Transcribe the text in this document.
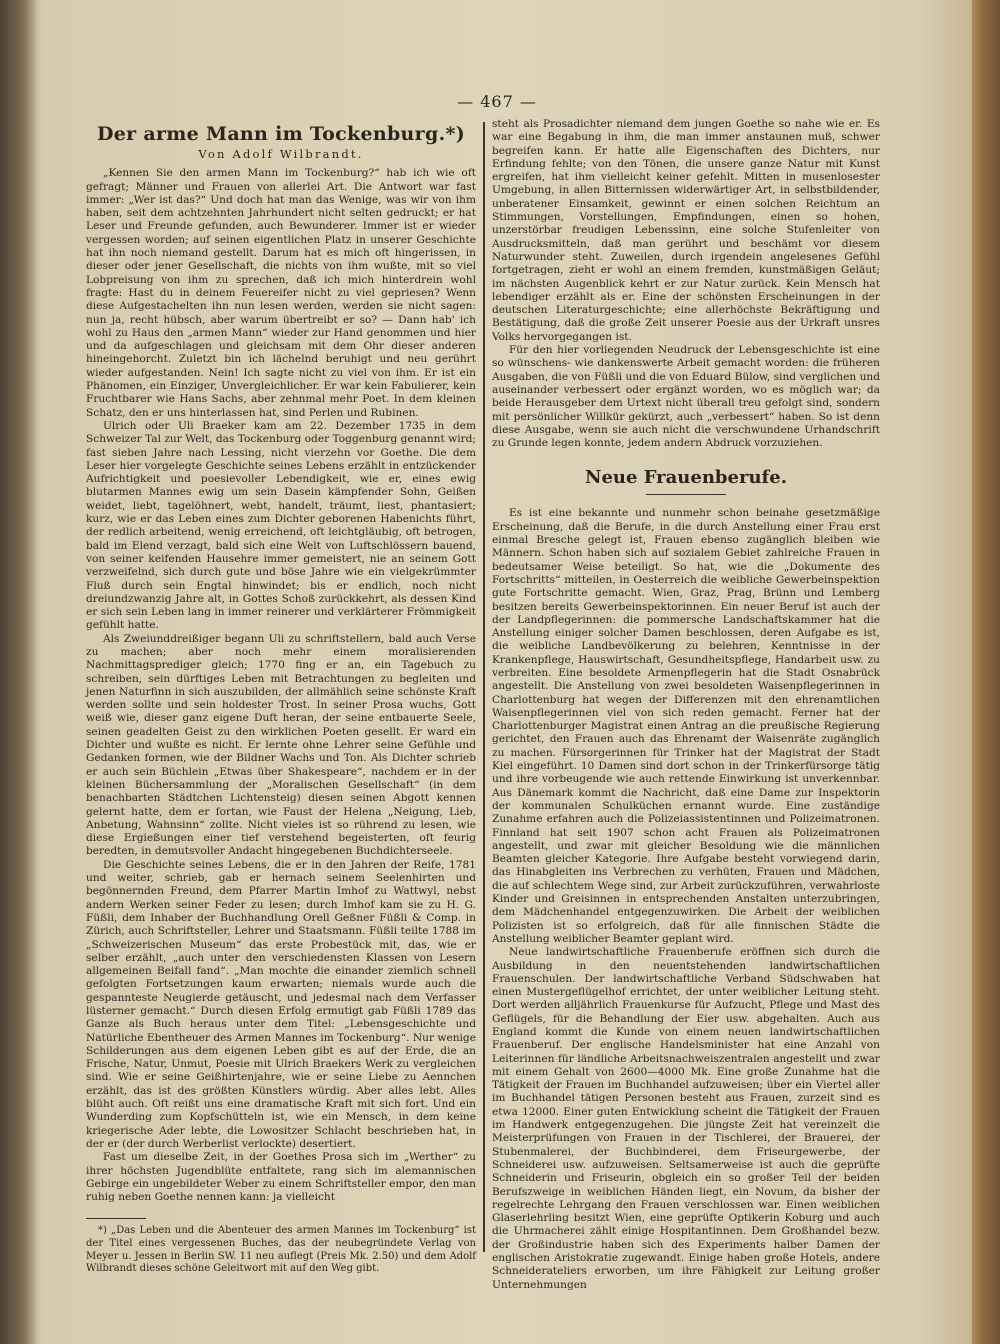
— 467 —
Der arme Mann im Tockenburg.*)
Von Adolf Wilbrandt.

„Kennen Sie den armen Mann im Tockenburg?“ hab ich wie oft gefragt; Männer und Frauen von allerlei Art. Die Antwort war fast immer: „Wer ist das?“ Und doch hat man das Wenige, was wir von ihm haben, seit dem achtzehnten Jahrhundert nicht selten gedruckt; er hat Leser und Freunde gefunden, auch Bewunderer. Immer ist er wieder vergessen worden; auf seinen eigentlichen Platz in unserer Geschichte hat ihn noch niemand gestellt. Darum hat es mich oft hingerissen, in dieser oder jener Gesellschaft, die nichts von ihm wußte, mit so viel Lobpreisung von ihm zu sprechen, daß ich mich hinterdrein wohl fragte: Hast du in deinem Feuereifer nicht zu viel gepriesen? Wenn diese Aufgestachelten ihn nun lesen werden, werden sie nicht sagen: nun ja, recht hübsch, aber warum übertreibt er so? — Dann hab' ich wohl zu Haus den „armen Mann“ wieder zur Hand genommen und hier und da aufgeschlagen und gleichsam mit dem Ohr dieser anderen hineingehorcht. Zuletzt bin ich lächelnd beruhigt und neu gerührt wieder aufgestanden. Nein! Ich sagte nicht zu viel von ihm. Er ist ein Phänomen, ein Einziger, Unvergleichlicher. Er war kein Fabulierer, kein Fruchtbarer wie Hans Sachs, aber zehnmal mehr Poet. In dem kleinen Schatz, den er uns hinterlassen hat, sind Perlen und Rubinen.

Ulrich oder Uli Braeker kam am 22. Dezember 1735 in dem Schweizer Tal zur Welt, das Tockenburg oder Toggenburg genannt wird; fast sieben Jahre nach Lessing, nicht vierzehn vor Goethe. Die dem Leser hier vorgelegte Geschichte seines Lebens erzählt in entzückender Aufrichtigkeit und poesievoller Lebendigkeit, wie er, eines ewig blutarmen Mannes ewig um sein Dasein kämpfender Sohn, Geißen weidet, liebt, tagelöhnert, webt, handelt, träumt, liest, phantasiert; kurz, wie er das Leben eines zum Dichter geborenen Habenichts führt, der redlich arbeitend, wenig erreichend, oft leichtgläubig, oft betrogen, bald im Elend verzagt, bald sich eine Welt von Luftschlössern bauend, von seiner keifenden Hausehre immer gemeistert, nie an seinem Gott verzweifelnd, sich durch gute und böse Jahre wie ein vielgekrümmter Fluß durch sein Engtal hinwindet; bis er endlich, noch nicht dreiundzwanzig Jahre alt, in Gottes Schoß zurückkehrt, als dessen Kind er sich sein Leben lang in immer reinerer und verklärterer Frömmigkeit gefühlt hatte.

Als Zweiunddreißiger begann Uli zu schriftstellern, bald auch Verse zu machen; aber noch mehr einem moralisierenden Nachmittagsprediger gleich; 1770 fing er an, ein Tagebuch zu schreiben, sein dürftiges Leben mit Betrachtungen zu begleiten und jenen Naturfinn in sich auszubilden, der allmählich seine schönste Kraft werden sollte und sein holdester Trost. In seiner Prosa wuchs, Gott weiß wie, dieser ganz eigene Duft heran, der seine entbauerte Seele, seinen geadelten Geist zu den wirklichen Poeten gesellt. Er ward ein Dichter und wußte es nicht. Er lernte ohne Lehrer seine Gefühle und Gedanken formen, wie der Bildner Wachs und Ton. Als Dichter schrieb er auch sein Büchlein „Etwas über Shakespeare“, nachdem er in der kleinen Büchersammlung der „Moralischen Gesellschaft“ (in dem benachbarten Städtchen Lichtensteig) diesen seinen Abgott kennen gelernt hatte, dem er fortan, wie Faust der Helena „Neigung, Lieb, Anbetung, Wahnsinn“ zollte. Nicht vieles ist so rührend zu lesen, wie diese Ergießungen einer tief verstehend begeisterten, oft feurig beredten, in demutsvoller Andacht hingegebenen Buchdichterseele.

Die Geschichte seines Lebens, die er in den Jahren der Reife, 1781 und weiter, schrieb, gab er hernach seinem Seelenhirten und begönnernden Freund, dem Pfarrer Martin Imhof zu Wattwyl, nebst andern Werken seiner Feder zu lesen; durch Imhof kam sie zu H. G. Füßli, dem Inhaber der Buchhandlung Orell Geßner Füßli & Comp. in Zürich, auch Schriftsteller, Lehrer und Staatsmann. Füßli teilte 1788 im „Schweizerischen Museum“ das erste Probestück mit, das, wie er selber erzählt, „auch unter den verschiedensten Klassen von Lesern allgemeinen Beifall fand“. „Man mochte die einander ziemlich schnell gefolgten Fortsetzungen kaum erwarten; niemals wurde auch die gespannteste Neugierde getäuscht, und jedesmal nach dem Verfasser lüsterner gemacht.“ Durch diesen Erfolg ermutigt gab Füßli 1789 das Ganze als Buch heraus unter dem Titel: „Lebensgeschichte und Natürliche Ebentheuer des Armen Mannes im Tockenburg“. Nur wenige Schilderungen aus dem eigenen Leben gibt es auf der Erde, die an Frische, Natur, Unmut, Poesie mit Ulrich Braekers Werk zu vergleichen sind. Wie er seine Geißhirtenjahre, wie er seine Liebe zu Aennchen erzählt, das ist des größten Künstlers würdig. Aber alles lebt. Alles blüht auch. Oft reißt uns eine dramatische Kraft mit sich fort. Und ein Wunderding zum Kopfschütteln ist, wie ein Mensch, in dem keine kriegerische Ader lebte, die Lowositzer Schlacht beschrieben hat, in der er (der durch Werberlist verlockte) desertiert.

Fast um dieselbe Zeit, in der Goethes Prosa sich im „Werther“ zu ihrer höchsten Jugendblüte entfaltete, rang sich im alemannischen Gebirge ein ungebildeter Weber zu einem Schriftsteller empor, den man ruhig neben Goethe nennen kann: ja vielleicht

*) „Das Leben und die Abenteuer des armen Mannes im Tockenburg“ ist der Titel eines vergessenen Buches, das der neubegründete Verlag von Meyer u. Jessen in Berlin SW. 11 neu auflegt (Preis Mk. 2.50) und dem Adolf Wilbrandt dieses schöne Geleitwort mit auf den Weg gibt.

steht als Prosadichter niemand dem jungen Goethe so nahe wie er. Es war eine Begabung in ihm, die man immer anstaunen muß, schwer begreifen kann. Er hatte alle Eigenschaften des Dichters, nur Erfindung fehlte; von den Tönen, die unsere ganze Natur mit Kunst ergreifen, hat ihm vielleicht keiner gefehlt. Mitten in musenlosester Umgebung, in allen Bitternissen widerwärtiger Art, in selbstbildender, unberatener Einsamkeit, gewinnt er einen solchen Reichtum an Stimmungen, Vorstellungen, Empfindungen, einen so hohen, unzerstörbar freudigen Lebenssinn, eine solche Stufenleiter von Ausdrucksmitteln, daß man gerührt und beschämt vor diesem Naturwunder steht. Zuweilen, durch irgendein angelesenes Gefühl fortgetragen, zieht er wohl an einem fremden, kunstmäßigen Geläut; im nächsten Augenblick kehrt er zur Natur zurück. Kein Mensch hat lebendiger erzählt als er. Eine der schönsten Erscheinungen in der deutschen Literaturgeschichte; eine allerhöchste Bekräftigung und Bestätigung, daß die große Zeit unserer Poesie aus der Urkraft unsres Volks hervorgegangen ist.

Für den hier vorliegenden Neudruck der Lebensgeschichte ist eine so wünschens- wie dankenswerte Arbeit gemacht worden: die früheren Ausgaben, die von Füßli und die von Eduard Bülow, sind verglichen und auseinander verbessert oder ergänzt worden, wo es möglich war; da beide Herausgeber dem Urtext nicht überall treu gefolgt sind, sondern mit persönlicher Willkür gekürzt, auch „verbessert“ haben. So ist denn diese Ausgabe, wenn sie auch nicht die verschwundene Urhandschrift zu Grunde legen konnte, jedem andern Abdruck vorzuziehen.

Neue Frauenberufe.

Es ist eine bekannte und nunmehr schon beinahe gesetzmäßige Erscheinung, daß die Berufe, in die durch Anstellung einer Frau erst einmal Bresche gelegt ist, Frauen ebenso zugänglich bleiben wie Männern. Schon haben sich auf sozialem Gebiet zahlreiche Frauen in bedeutsamer Weise beteiligt. So hat, wie die „Dokumente des Fortschritts“ mitteilen, in Oesterreich die weibliche Gewerbeinspektion gute Fortschritte gemacht. Wien, Graz, Prag, Brünn und Lemberg besitzen bereits Gewerbeinspektorinnen. Ein neuer Beruf ist auch der der Landpflegerinnen: die pommersche Landschaftskammer hat die Anstellung einiger solcher Damen beschlossen, deren Aufgabe es ist, die weibliche Landbevölkerung zu belehren, Kenntnisse in der Krankenpflege, Hauswirtschaft, Gesundheitspflege, Handarbeit usw. zu verbreiten. Eine besoldete Armenpflegerin hat die Stadt Osnabrück angestellt. Die Anstellung von zwei besoldeten Waisenpflegerinnen in Charlottenburg hat wegen der Differenzen mit den ehrenamtlichen Waisenpflegerinnen viel von sich reden gemacht. Ferner hat der Charlottenburger Magistrat einen Antrag an die preußische Regierung gerichtet, den Frauen auch das Ehrenamt der Waisenräte zugänglich zu machen. Fürsorgerinnen für Trinker hat der Magistrat der Stadt Kiel eingeführt. 10 Damen sind dort schon in der Trinkerfürsorge tätig und ihre vorbeugende wie auch rettende Einwirkung ist unverkennbar. Aus Dänemark kommt die Nachricht, daß eine Dame zur Inspektorin der kommunalen Schulküchen ernannt wurde. Eine zuständige Zunahme erfahren auch die Polizeiassistentinnen und Polizeimatronen. Finnland hat seit 1907 schon acht Frauen als Polizeimatronen angestellt, und zwar mit gleicher Besoldung wie die männlichen Beamten gleicher Kategorie. Ihre Aufgabe besteht vorwiegend darin, das Hinabgleiten ins Verbrechen zu verhüten, Frauen und Mädchen, die auf schlechtem Wege sind, zur Arbeit zurückzuführen, verwahrloste Kinder und Greisinnen in entsprechenden Anstalten unterzubringen, dem Mädchenhandel entgegenzuwirken. Die Arbeit der weiblichen Polizisten ist so erfolgreich, daß für alle finnischen Städte die Anstellung weiblicher Beamter geplant wird.

Neue landwirtschaftliche Frauenberufe eröffnen sich durch die Ausbildung in den neuentstehenden landwirtschaftlichen Frauenschulen. Der landwirtschaftliche Verband Südschwaben hat einen Mustergeflügelhof errichtet, der unter weiblicher Leitung steht. Dort werden alljährlich Frauenkurse für Aufzucht, Pflege und Mast des Geflügels, für die Behandlung der Eier usw. abgehalten. Auch aus England kommt die Kunde von einem neuen landwirtschaftlichen Frauenberuf. Der englische Handelsminister hat eine Anzahl von Leiterinnen für ländliche Arbeitsnachweiszentralen angestellt und zwar mit einem Gehalt von 2600—4000 Mk. Eine große Zunahme hat die Tätigkeit der Frauen im Buchhandel aufzuweisen; über ein Viertel aller im Buchhandel tätigen Personen besteht aus Frauen, zurzeit sind es etwa 12000. Einer guten Entwicklung scheint die Tätigkeit der Frauen im Handwerk entgegenzugehen. Die jüngste Zeit hat vereinzelt die Meisterprüfungen von Frauen in der Tischlerei, der Brauerei, der Stubenmalerei, der Buchbinderei, dem Friseurgewerbe, der Schneiderei usw. aufzuweisen. Seltsamerweise ist auch die geprüfte Schneiderin und Friseurin, obgleich ein so großer Teil der beiden Berufszweige in weiblichen Händen liegt, ein Novum, da bisher der regelrechte Lehrgang den Frauen verschlossen war. Einen weiblichen Glaserlehrling besitzt Wien, eine geprüfte Optikerin Koburg und auch die Uhrmacherei zählt einige Hospitantinnen. Dem Großhandel bezw. der Großindustrie haben sich des Experiments halber Damen der englischen Aristokratie zugewandt. Einige haben große Hotels, andere Schneiderateliers erworben, um ihre Fähigkeit zur Leitung großer Unternehmungen
